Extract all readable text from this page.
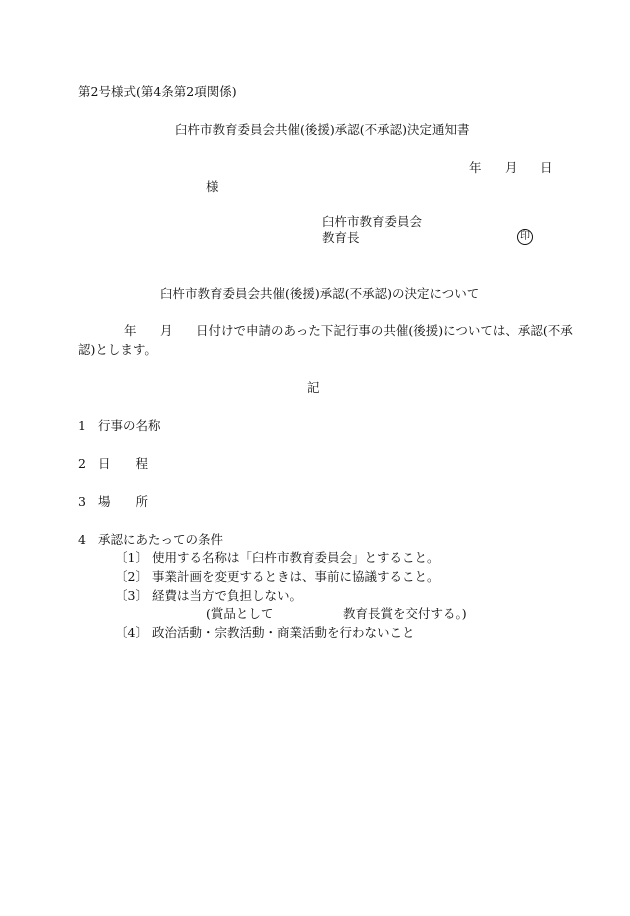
第2号様式(第4条第2項関係)
臼杵市教育委員会共催(後援)承認(不承認)決定通知書
年 月 日
様
臼杵市教育委員会
教育長	印
臼杵市教育委員会共催(後援)承認(不承認)の決定について
年 月 日付けで申請のあった下記行事の共催(後援)については、承認(不承
認)とします。
記
1 行事の名称
2 日　　程
3 場　　所
4 承認にあたっての条件
〔1〕 使用する名称は「臼杵市教育委員会」とすること。
〔2〕 事業計画を変更するときは、事前に協議すること。
〔3〕 経費は当方で負担しない。
(賞品として	教育長賞を交付する。)
〔4〕 政治活動・宗教活動・商業活動を行わないこと
